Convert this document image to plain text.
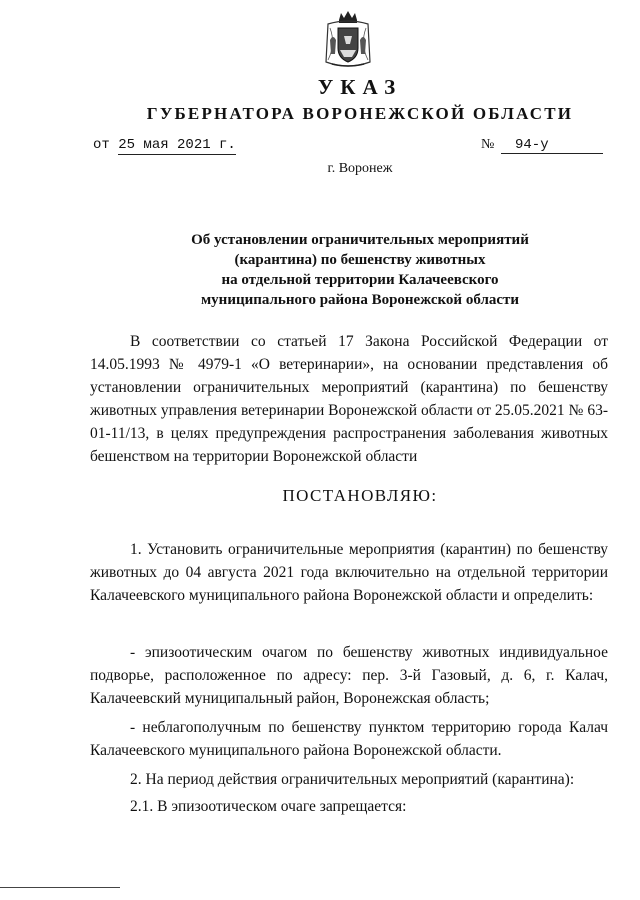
УКАЗ
ГУБЕРНАТОРА ВОРОНЕЖСКОЙ ОБЛАСТИ
от 25 мая 2021 г.	№ 94-у
г. Воронеж
Об установлении ограничительных мероприятий
(карантина) по бешенству животных
на отдельной территории Калачеевского
муниципального района Воронежской области

В соответствии со статьей 17 Закона Российской Федерации от 14.05.1993 № 4979-1 «О ветеринарии», на основании представления об установлении ограничительных мероприятий (карантина) по бешенству животных управления ветеринарии Воронежской области от 25.05.2021 № 63-01-11/13, в целях предупреждения распространения заболевания животных бешенством на территории Воронежской области

ПОСТАНОВЛЯЮ:

1. Установить ограничительные мероприятия (карантин) по бешенству животных до 04 августа 2021 года включительно на отдельной территории Калачеевского муниципального района Воронежской области и определить:

- эпизоотическим очагом по бешенству животных индивидуальное подворье, расположенное по адресу: пер. 3-й Газовый, д. 6, г. Калач, Калачеевский муниципальный район, Воронежская область;

- неблагополучным по бешенству пунктом территорию города Калач Калачеевского муниципального района Воронежской области.

2. На период действия ограничительных мероприятий (карантина):

2.1. В эпизоотическом очаге запрещается:
